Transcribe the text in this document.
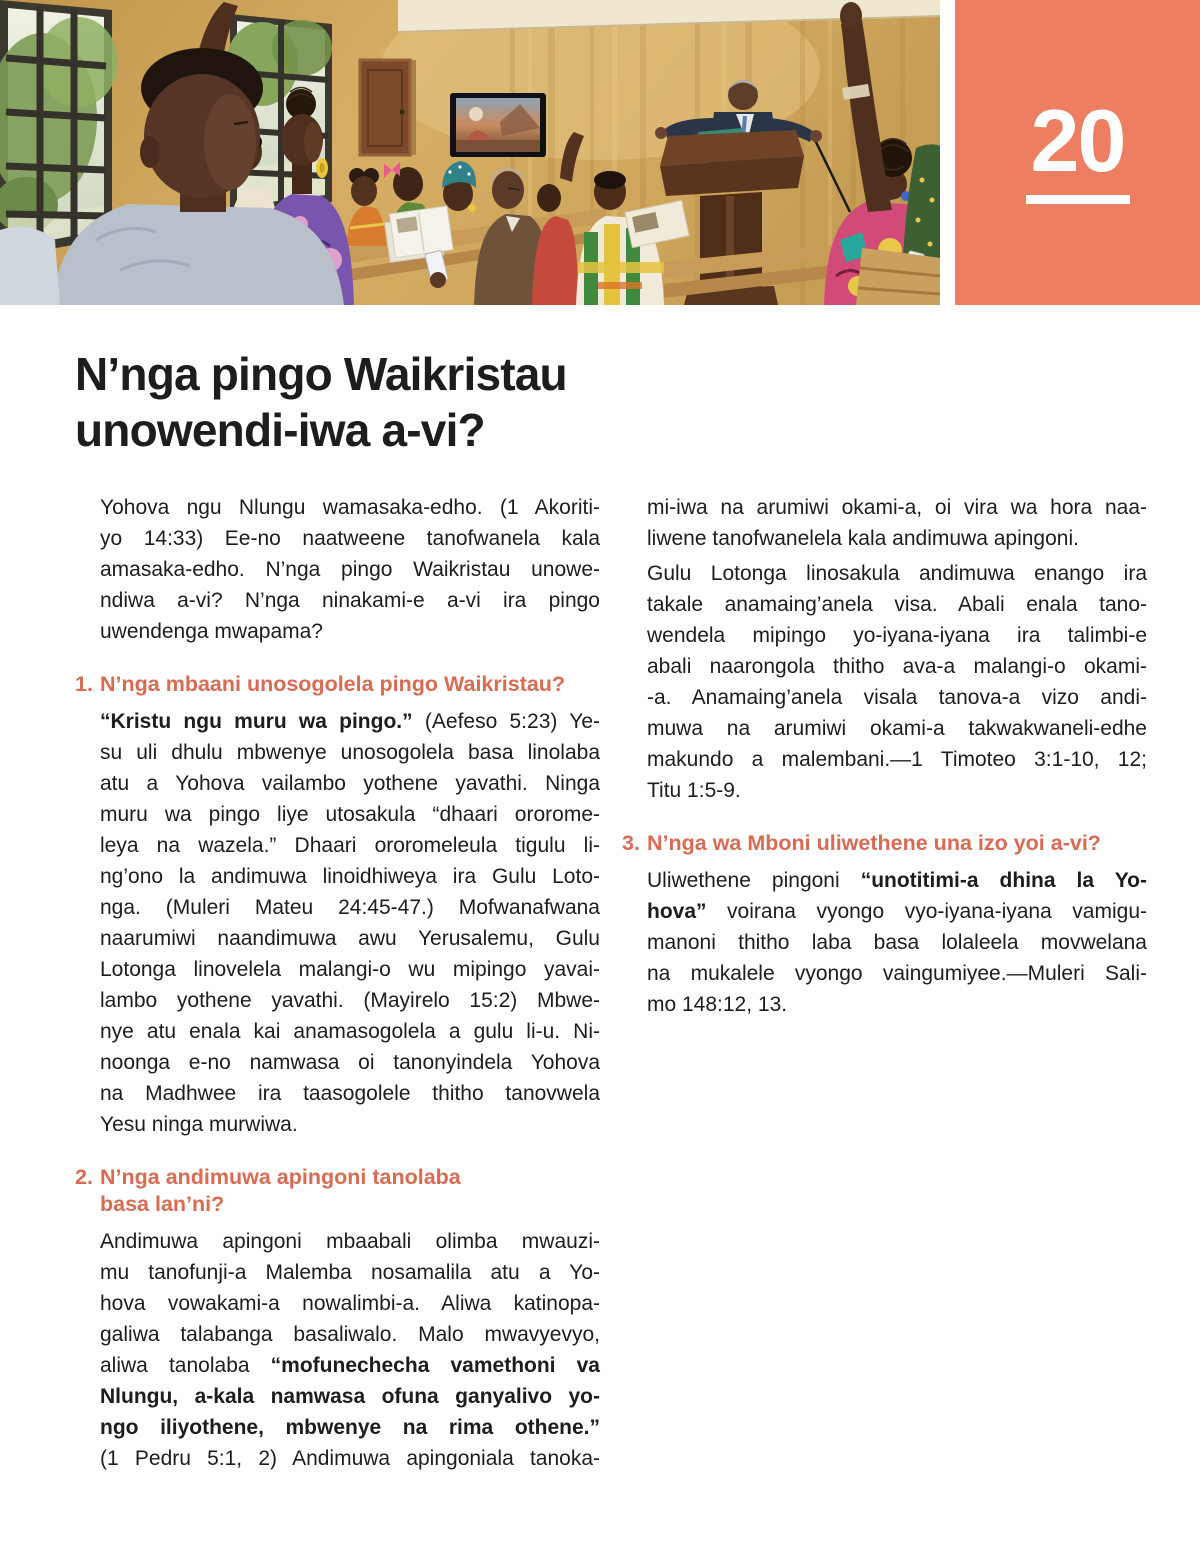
20
N’nga pingo Waikristau
unowendi-iwa a-vi?
Yohova ngu Nlungu wamasaka-edho. (1 Akoriti-
yo 14:33) Ee-no naatweene tanofwanela kala
amasaka-edho. N’nga pingo Waikristau unowe-
ndiwa a-vi? N’nga ninakami-e a-vi ira pingo
uwendenga mwapama?
1. N’nga mbaani unosogolela pingo Waikristau?
“Kristu ngu muru wa pingo.” (Aefeso 5:23) Ye-
su uli dhulu mbwenye unosogolela basa linolaba
atu a Yohova vailambo yothene yavathi. Ninga
muru wa pingo liye utosakula “dhaari ororome-
leya na wazela.” Dhaari ororomeleula tigulu li-
ng’ono la andimuwa linoidhiweya ira Gulu Loto-
nga. (Muleri Mateu 24:45-47.) Mofwanafwana
naarumiwi naandimuwa awu Yerusalemu, Gulu
Lotonga linovelela malangi-o wu mipingo yavai-
lambo yothene yavathi. (Mayirelo 15:2) Mbwe-
nye atu enala kai anamasogolela a gulu li-u. Ni-
noonga e-no namwasa oi tanonyindela Yohova
na Madhwee ira taasogolele thitho tanovwela
Yesu ninga murwiwa.
2. N’nga andimuwa apingoni tanolaba
basa lan’ni?
Andimuwa apingoni mbaabali olimba mwauzi-
mu tanofunji-a Malemba nosamalila atu a Yo-
hova vowakami-a nowalimbi-a. Aliwa katinopa-
galiwa talabanga basaliwalo. Malo mwavyevyo,
aliwa tanolaba “mofunechecha vamethoni va
Nlungu, a-kala namwasa ofuna ganyalivo yo-
ngo iliyothene, mbwenye na rima othene.”
(1 Pedru 5:1, 2) Andimuwa apingoniala tanoka-
mi-iwa na arumiwi okami-a, oi vira wa hora naa-
liwene tanofwanelela kala andimuwa apingoni.
Gulu Lotonga linosakula andimuwa enango ira
takale anamaing’anela visa. Abali enala tano-
wendela mipingo yo-iyana-iyana ira talimbi-e
abali naarongola thitho ava-a malangi-o okami-
-a. Anamaing’anela visala tanova-a vizo andi-
muwa na arumiwi okami-a takwakwaneli-edhe
makundo a malembani.—1 Timoteo 3:1-10, 12;
Titu 1:5-9.
3. N’nga wa Mboni uliwethene una izo yoi a-vi?
Uliwethene pingoni “unotitimi-a dhina la Yo-
hova” voirana vyongo vyo-iyana-iyana vamigu-
manoni thitho laba basa lolaleela movwelana
na mukalele vyongo vaingumiyee.—Muleri Sali-
mo 148:12, 13.
